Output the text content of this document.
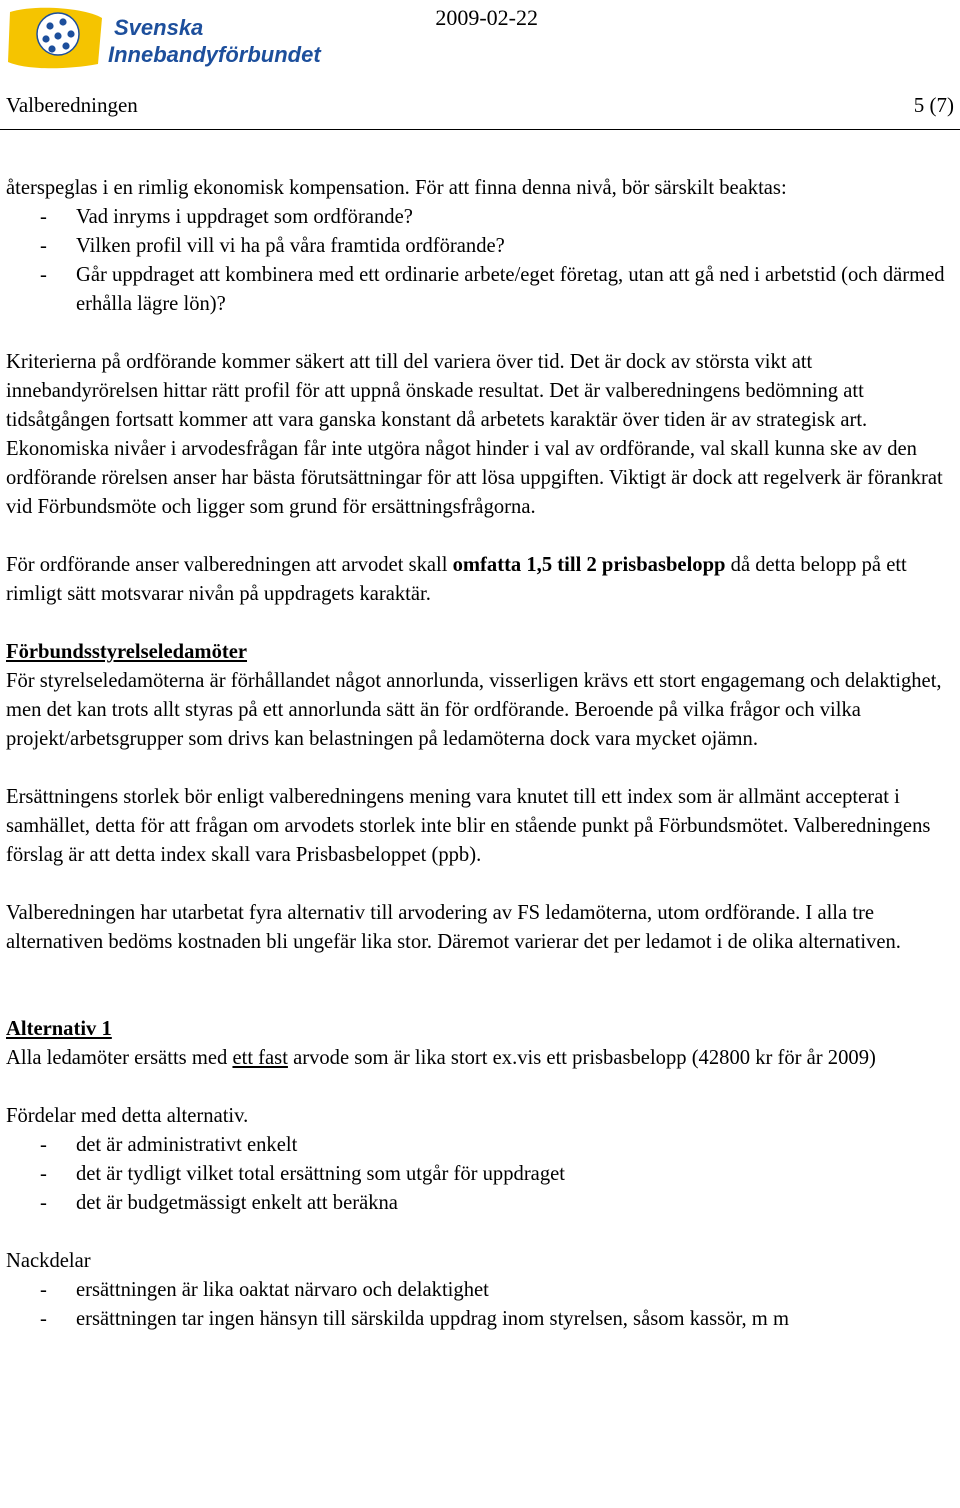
Svenska
Innebandyförbundet
2009-02-22
Valberedningen	5 (7)

återspeglas i en rimlig ekonomisk kompensation. För att finna denna nivå, bör särskilt beaktas:

-	Vad inryms i uppdraget som ordförande?
-	Vilken profil vill vi ha på våra framtida ordförande?
-	Går uppdraget att kombinera med ett ordinarie arbete/eget företag, utan att gå ned i arbetstid (och därmed erhålla lägre lön)?

Kriterierna på ordförande kommer säkert att till del variera över tid. Det är dock av största vikt att innebandyrörelsen hittar rätt profil för att uppnå önskade resultat. Det är valberedningens bedömning att tidsåtgången fortsatt kommer att vara ganska konstant då arbetets karaktär över tiden är av strategisk art. Ekonomiska nivåer i arvodesfrågan får inte utgöra något hinder i val av ordförande, val skall kunna ske av den ordförande rörelsen anser har bästa förutsättningar för att lösa uppgiften. Viktigt är dock att regelverk är förankrat vid Förbundsmöte och ligger som grund för ersättningsfrågorna.

För ordförande anser valberedningen att arvodet skall omfatta 1,5 till 2 prisbasbelopp då detta belopp på ett rimligt sätt motsvarar nivån på uppdragets karaktär.

Förbundsstyrelseledamöter

För styrelseledamöterna är förhållandet något annorlunda, visserligen krävs ett stort engagemang och delaktighet, men det kan trots allt styras på ett annorlunda sätt än för ordförande. Beroende på vilka frågor och vilka projekt/arbetsgrupper som drivs kan belastningen på ledamöterna dock vara mycket ojämn.

Ersättningens storlek bör enligt valberedningens mening vara knutet till ett index som är allmänt accepterat i samhället, detta för att frågan om arvodets storlek inte blir en stående punkt på Förbundsmötet. Valberedningens förslag är att detta index skall vara Prisbasbeloppet (ppb).

Valberedningen har utarbetat fyra alternativ till arvodering av FS ledamöterna, utom ordförande. I alla tre alternativen bedöms kostnaden bli ungefär lika stor. Däremot varierar det per ledamot i de olika alternativen.

Alternativ 1

Alla ledamöter ersätts med ett fast arvode som är lika stort ex.vis ett prisbasbelopp (42800 kr för år 2009)

Fördelar med detta alternativ.

-	det är administrativt enkelt
-	det är tydligt vilket total ersättning som utgår för uppdraget
-	det är budgetmässigt enkelt att beräkna

Nackdelar

-	ersättningen är lika oaktat närvaro och delaktighet
-	ersättningen tar ingen hänsyn till särskilda uppdrag inom styrelsen, såsom kassör, m m
